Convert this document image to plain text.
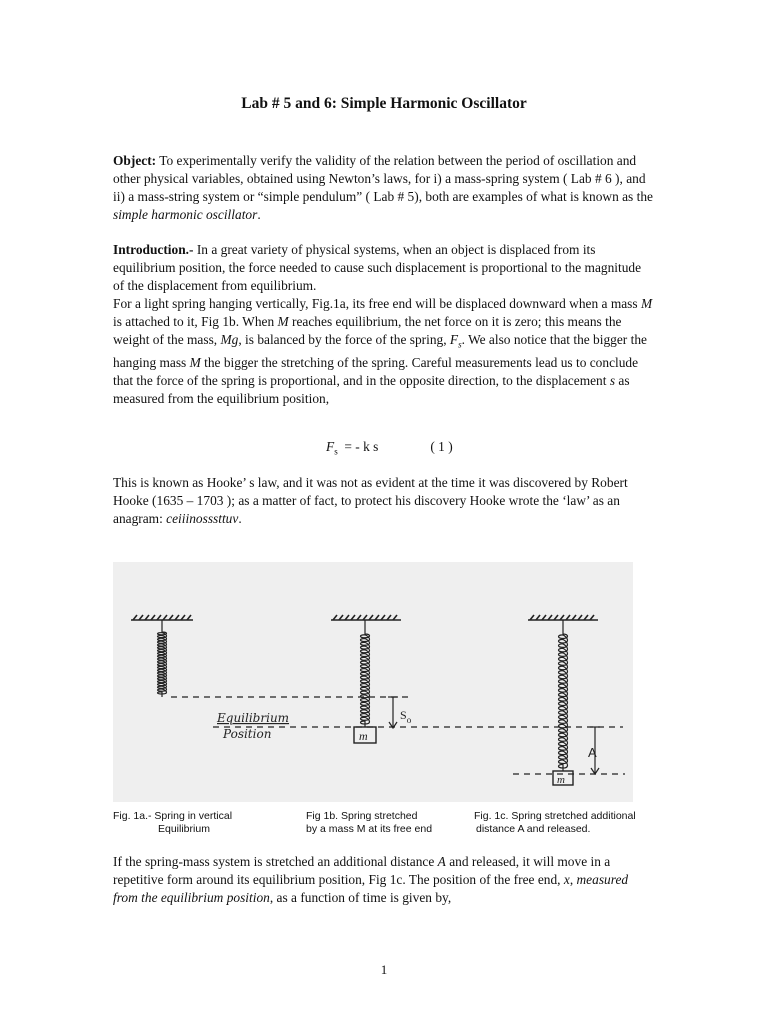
Lab # 5 and 6: Simple Harmonic Oscillator
Object: To experimentally verify the validity of the relation between the period of oscillation and other physical variables, obtained using Newton’s laws, for i) a mass-spring system ( Lab # 6 ), and ii) a mass-string system or “simple pendulum” ( Lab # 5), both are examples of what is known as the simple harmonic oscillator.
Introduction.- In a great variety of physical systems, when an object is displaced from its equilibrium position, the force needed to cause such displacement is proportional to the magnitude of the displacement from equilibrium.
For a light spring hanging vertically, Fig.1a, its free end will be displaced downward when a mass M is attached to it, Fig 1b. When M reaches equilibrium, the net force on it is zero; this means the weight of the mass, Mg, is balanced by the force of the spring, $F_s$. We also notice that the bigger the hanging mass M the bigger the stretching of the spring. Careful measurements lead us to conclude that the force of the spring is proportional, and in the opposite direction, to the displacement s as measured from the equilibrium position,
$F_s$  = - k s	( 1 )
This is known as Hooke’ s law, and it was not as evident at the time it was discovered by Robert Hooke (1635 – 1703 ); as a matter of fact, to protect his discovery Hooke wrote the ‘law’ as an anagram: ceiiinosssttuv.
m
m
$S_o$
A
Equilibrium
Position
Fig. 1a.- Spring in vertical
Equilibrium
Fig 1b. Spring stretched
by a mass M at its free end
Fig. 1c. Spring stretched additional
distance A and released.
If the spring-mass system is stretched an additional distance A and released, it will move in a repetitive form around its equilibrium position, Fig 1c. The position of the free end, x, measured from the equilibrium position, as a function of time is given by,
1
